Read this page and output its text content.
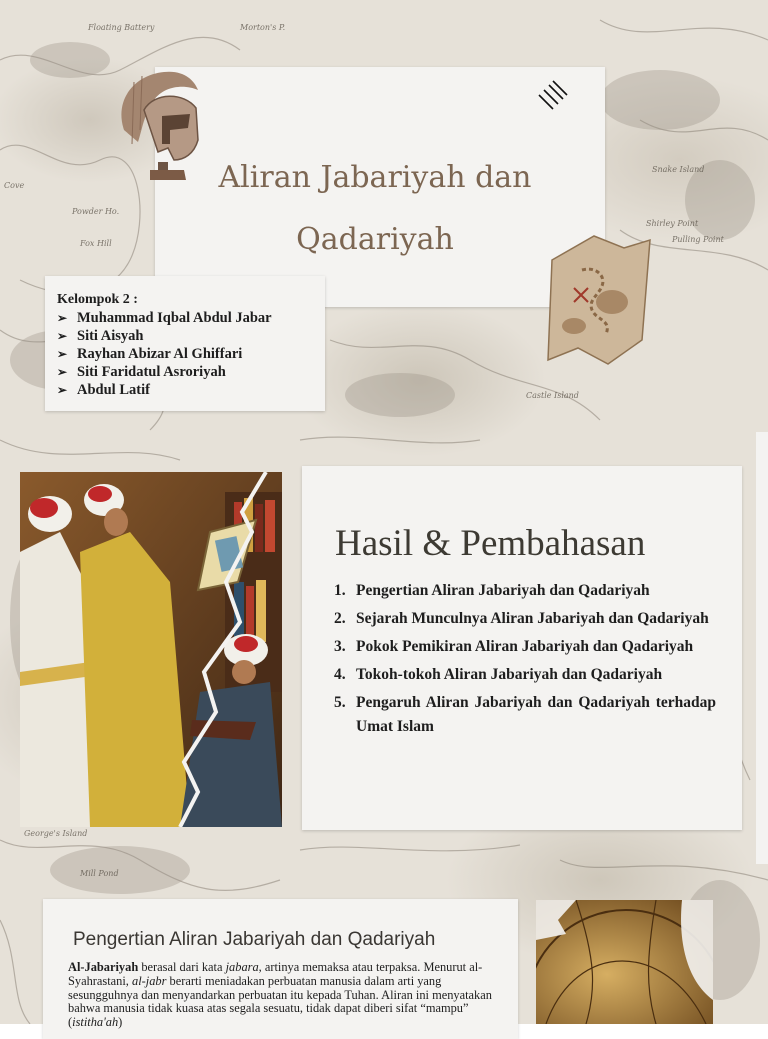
Floating Battery	Morton's P.
Cove
Powder Ho.
Fox Hill
Snake Island
Shirley Point
Pulling Point
Castle Island
Mill Pond
George's Island
Aliran Jabariyah dan Qadariyah
Kelompok 2 :
➢ Muhammad Iqbal Abdul Jabar
➢ Siti Aisyah
➢ Rayhan Abizar Al Ghiffari
➢ Siti Faridatul Asroriyah
➢ Abdul Latif
Hasil & Pembahasan
1. Pengertian Aliran Jabariyah dan Qadariyah
2. Sejarah Munculnya Aliran Jabariyah dan Qadariyah
3. Pokok Pemikiran Aliran Jabariyah dan Qadariyah
4. Tokoh-tokoh Aliran Jabariyah dan Qadariyah
5. Pengaruh Aliran Jabariyah dan Qadariyah terhadap Umat Islam
Pengertian Aliran Jabariyah dan Qadariyah
Al-Jabariyah berasal dari kata jabara, artinya memaksa atau terpaksa. Menurut al-Syahrastani, al-jabr berarti meniadakan perbuatan manusia dalam arti yang sesungguhnya dan menyandarkan perbuatan itu kepada Tuhan. Aliran ini menyatakan bahwa manusia tidak kuasa atas segala sesuatu, tidak dapat diberi sifat “mampu” (istitha'ah)
